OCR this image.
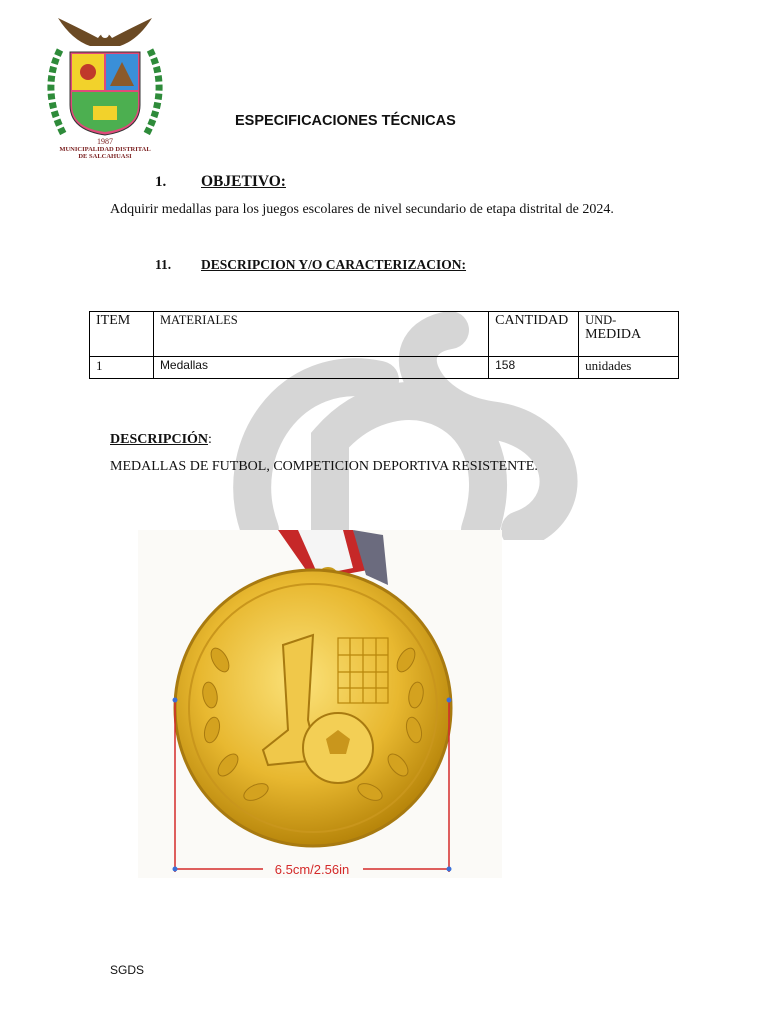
1987
MUNICIPALIDAD DISTRITAL
DE SALCAHUASI
ESPECIFICACIONES TÉCNICAS
1. OBJETIVO:
Adquirir medallas para los juegos escolares de nivel secundario de etapa distrital de 2024.
11. DESCRIPCION Y/O CARACTERIZACION:
ITEM	MATERIALES	CANTIDAD	UND-
MEDIDA
1	Medallas	158	unidades
DESCRIPCIÓN:
MEDALLAS DE FUTBOL, COMPETICION DEPORTIVA RESISTENTE.
6.5cm/2.56in
SGDS
